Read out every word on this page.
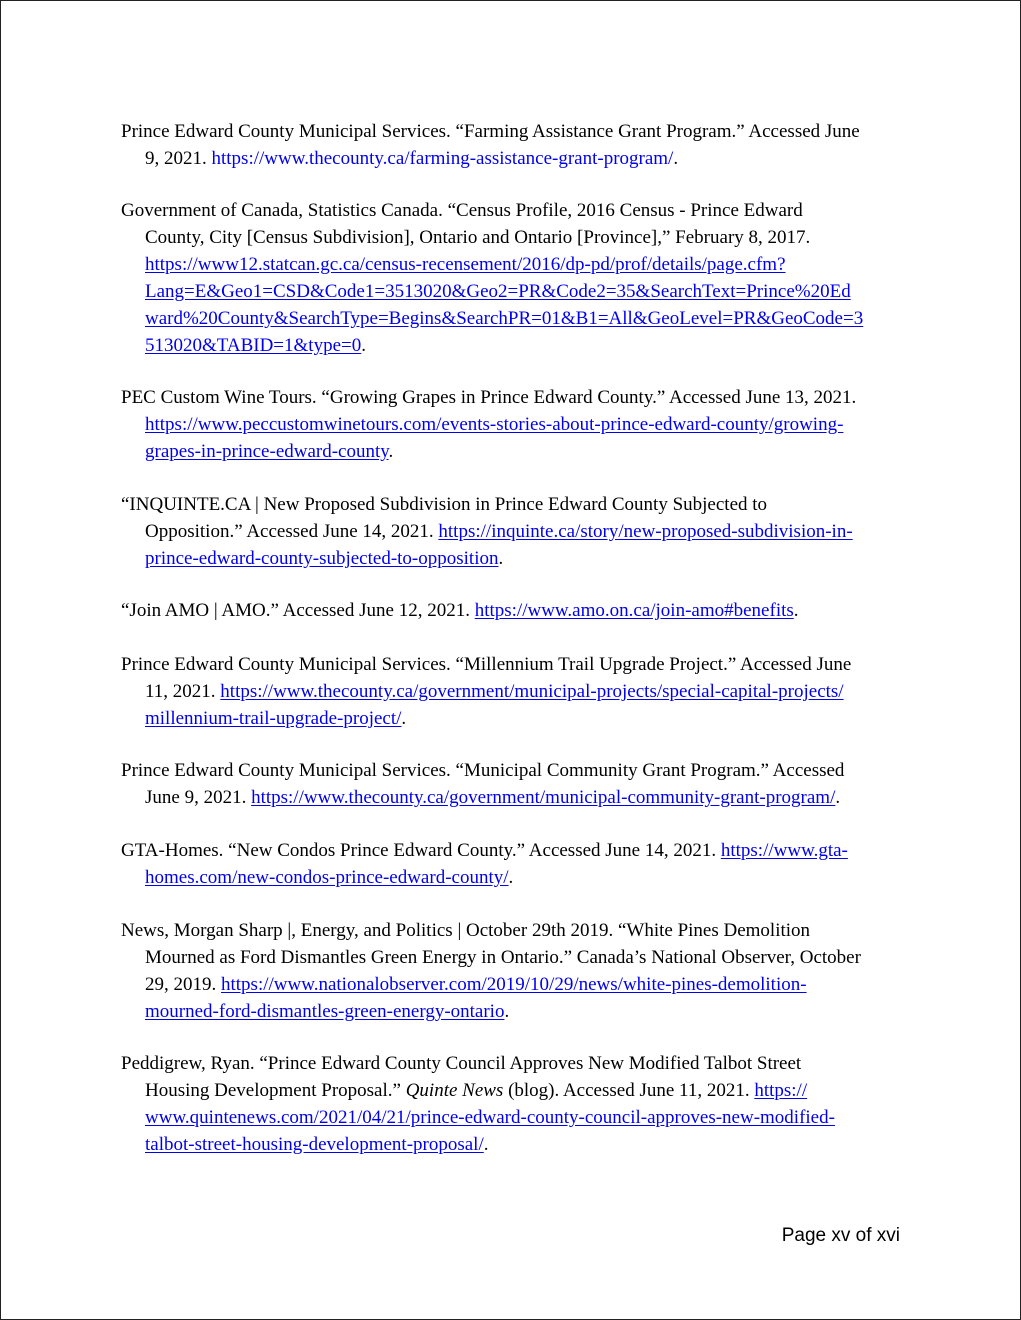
Prince Edward County Municipal Services. “Farming Assistance Grant Program.” Accessed June
9, 2021. https://www.thecounty.ca/farming-assistance-grant-program/.
Government of Canada, Statistics Canada. “Census Profile, 2016 Census - Prince Edward
County, City [Census Subdivision], Ontario and Ontario [Province],” February 8, 2017.
https://www12.statcan.gc.ca/census-recensement/2016/dp-pd/prof/details/page.cfm?
Lang=E&Geo1=CSD&Code1=3513020&Geo2=PR&Code2=35&SearchText=Prince%20Ed
ward%20County&SearchType=Begins&SearchPR=01&B1=All&GeoLevel=PR&GeoCode=3
513020&TABID=1&type=0.
PEC Custom Wine Tours. “Growing Grapes in Prince Edward County.” Accessed June 13, 2021.
https://www.peccustomwinetours.com/events-stories-about-prince-edward-county/growing-
grapes-in-prince-edward-county.
“INQUINTE.CA | New Proposed Subdivision in Prince Edward County Subjected to
Opposition.” Accessed June 14, 2021. https://inquinte.ca/story/new-proposed-subdivision-in-
prince-edward-county-subjected-to-opposition.
“Join AMO | AMO.” Accessed June 12, 2021. https://www.amo.on.ca/join-amo#benefits.
Prince Edward County Municipal Services. “Millennium Trail Upgrade Project.” Accessed June
11, 2021. https://www.thecounty.ca/government/municipal-projects/special-capital-projects/
millennium-trail-upgrade-project/.
Prince Edward County Municipal Services. “Municipal Community Grant Program.” Accessed
June 9, 2021. https://www.thecounty.ca/government/municipal-community-grant-program/.
GTA-Homes. “New Condos Prince Edward County.” Accessed June 14, 2021. https://www.gta-
homes.com/new-condos-prince-edward-county/.
News, Morgan Sharp |, Energy, and Politics | October 29th 2019. “White Pines Demolition
Mourned as Ford Dismantles Green Energy in Ontario.” Canada’s National Observer, October
29, 2019. https://www.nationalobserver.com/2019/10/29/news/white-pines-demolition-
mourned-ford-dismantles-green-energy-ontario.
Peddigrew, Ryan. “Prince Edward County Council Approves New Modified Talbot Street
Housing Development Proposal.” Quinte News (blog). Accessed June 11, 2021. https://
www.quintenews.com/2021/04/21/prince-edward-county-council-approves-new-modified-
talbot-street-housing-development-proposal/.
Page xv of xvi
